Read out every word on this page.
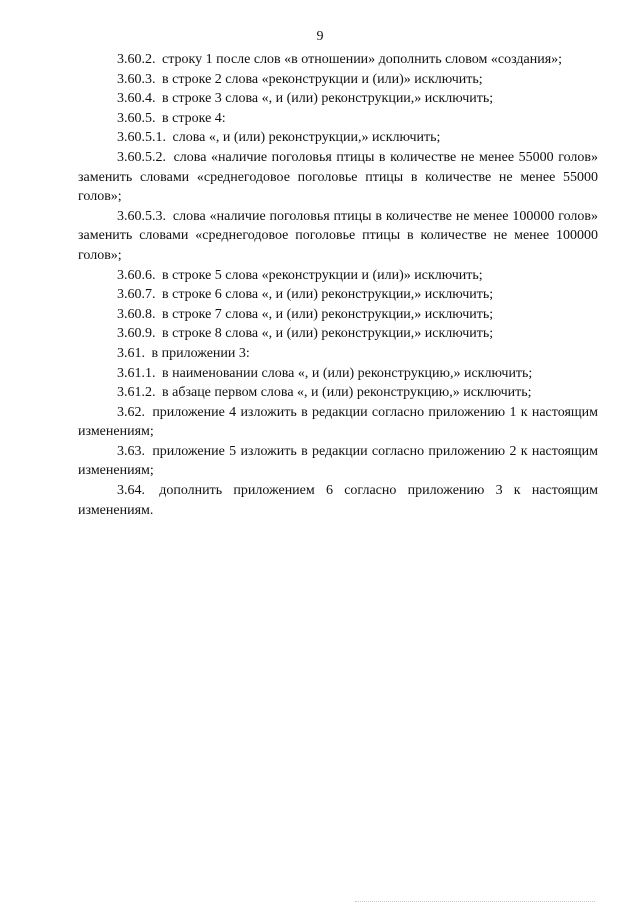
9

3.60.2. строку 1 после слов «в отношении» дополнить словом «создания»;

3.60.3. в строке 2 слова «реконструкции и (или)» исключить;

3.60.4. в строке 3 слова «, и (или) реконструкции,» исключить;

3.60.5. в строке 4:

3.60.5.1. слова «, и (или) реконструкции,» исключить;

3.60.5.2. слова «наличие поголовья птицы в количестве не менее 55000 голов» заменить словами «среднегодовое поголовье птицы в количестве не менее 55000 голов»;

3.60.5.3. слова «наличие поголовья птицы в количестве не менее 100000 голов» заменить словами «среднегодовое поголовье птицы в количестве не менее 100000 голов»;

3.60.6. в строке 5 слова «реконструкции и (или)» исключить;

3.60.7. в строке 6 слова «, и (или) реконструкции,» исключить;

3.60.8. в строке 7 слова «, и (или) реконструкции,» исключить;

3.60.9. в строке 8 слова «, и (или) реконструкции,» исключить;

3.61. в приложении 3:

3.61.1. в наименовании слова «, и (или) реконструкцию,» исключить;

3.61.2. в абзаце первом слова «, и (или) реконструкцию,» исключить;

3.62. приложение 4 изложить в редакции согласно приложению 1 к настоящим изменениям;

3.63. приложение 5 изложить в редакции согласно приложению 2 к настоящим изменениям;

3.64. дополнить приложением 6 согласно приложению 3 к настоящим изменениям.
